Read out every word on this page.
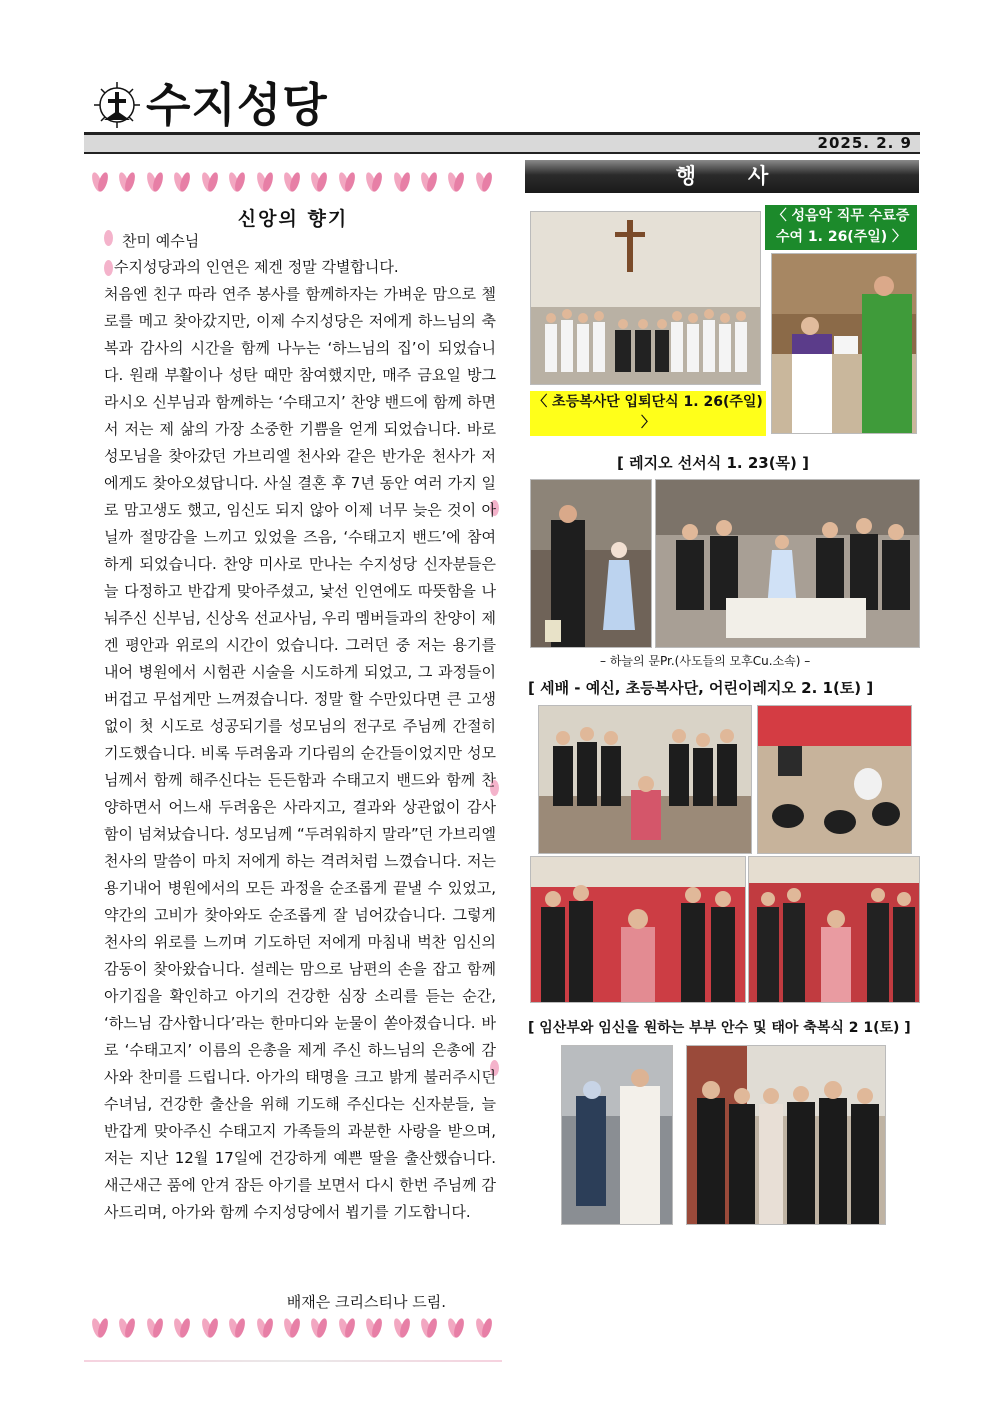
수지성당
2025. 2. 9
신앙의 향기
찬미 예수님

수지성당과의 인연은 제겐 정말 각별합니다.

처음엔 친구 따라 연주 봉사를 함께하자는 가벼운 맘으로 첼로를 메고 찾아갔지만, 이제 수지성당은 저에게 하느님의 축복과 감사의 시간을 함께 나누는 ‘하느님의 집’이 되었습니다. 원래 부활이나 성탄 때만 참여했지만, 매주 금요일 방그라시오 신부님과 함께하는 ‘수태고지’ 찬양 밴드에 함께 하면서 저는 제 삶의 가장 소중한 기쁨을 얻게 되었습니다. 바로 성모님을 찾아갔던 가브리엘 천사와 같은 반가운 천사가 저에게도 찾아오셨답니다. 사실 결혼 후 7년 동안 여러 가지 일로 맘고생도 했고, 임신도 되지 않아 이제 너무 늦은 것이 아닐까 절망감을 느끼고 있었을 즈음, ‘수태고지 밴드’에 참여하게 되었습니다. 찬양 미사로 만나는 수지성당 신자분들은 늘 다정하고 반갑게 맞아주셨고, 낯선 인연에도 따뜻함을 나눠주신 신부님, 신상옥 선교사님, 우리 멤버들과의 찬양이 제겐 평안과 위로의 시간이 었습니다. 그러던 중 저는 용기를 내어 병원에서 시험관 시술을 시도하게 되었고, 그 과정들이 버겁고 무섭게만 느껴졌습니다. 정말 할 수만있다면 큰 고생 없이 첫 시도로 성공되기를 성모님의 전구로 주님께 간절히 기도했습니다. 비록 두려움과 기다림의 순간들이었지만 성모님께서 함께 해주신다는 든든함과 수태고지 밴드와 함께 찬양하면서 어느새 두려움은 사라지고, 결과와 상관없이 감사함이 넘쳐났습니다. 성모님께 “두려워하지 말라”던 가브리엘 천사의 말씀이 마치 저에게 하는 격려처럼 느꼈습니다. 저는 용기내어 병원에서의 모든 과정을 순조롭게 끝낼 수 있었고, 약간의 고비가 찾아와도 순조롭게 잘 넘어갔습니다. 그렇게 천사의 위로를 느끼며 기도하던 저에게 마침내 벅찬 임신의 감동이 찾아왔습니다. 설레는 맘으로 남편의 손을 잡고 함께 아기집을 확인하고 아기의 건강한 심장 소리를 듣는 순간, ‘하느님 감사합니다’라는 한마디와 눈물이 쏟아졌습니다. 바로 ‘수태고지’ 이름의 은총을 제게 주신 하느님의 은총에 감사와 찬미를 드립니다. 아가의 태명을 크고 밝게 불러주시던 수녀님, 건강한 출산을 위해 기도해 주신다는 신자분들, 늘 반갑게 맞아주신 수태고지 가족들의 과분한 사랑을 받으며, 저는 지난 12월 17일에 건강하게 예쁜 딸을 출산했습니다. 새근새근 품에 안겨 잠든 아기를 보면서 다시 한번 주님께 감사드리며, 아가와 함께 수지성당에서 뵙기를 기도합니다.

배재은 크리스티나 드림.
행사
〈 성음악 직무 수료증 수여 1. 26(주일) 〉
〈 초등복사단 입퇴단식 1. 26(주일) 〉
[ 레지오 선서식 1. 23(목) ]
– 하늘의 문Pr.(사도들의 모후Cu.소속) –
[ 세배 - 예신, 초등복사단, 어린이레지오 2. 1(토) ]
[ 임산부와 임신을 원하는 부부 안수 및 태아 축복식 2 1(토) ]
